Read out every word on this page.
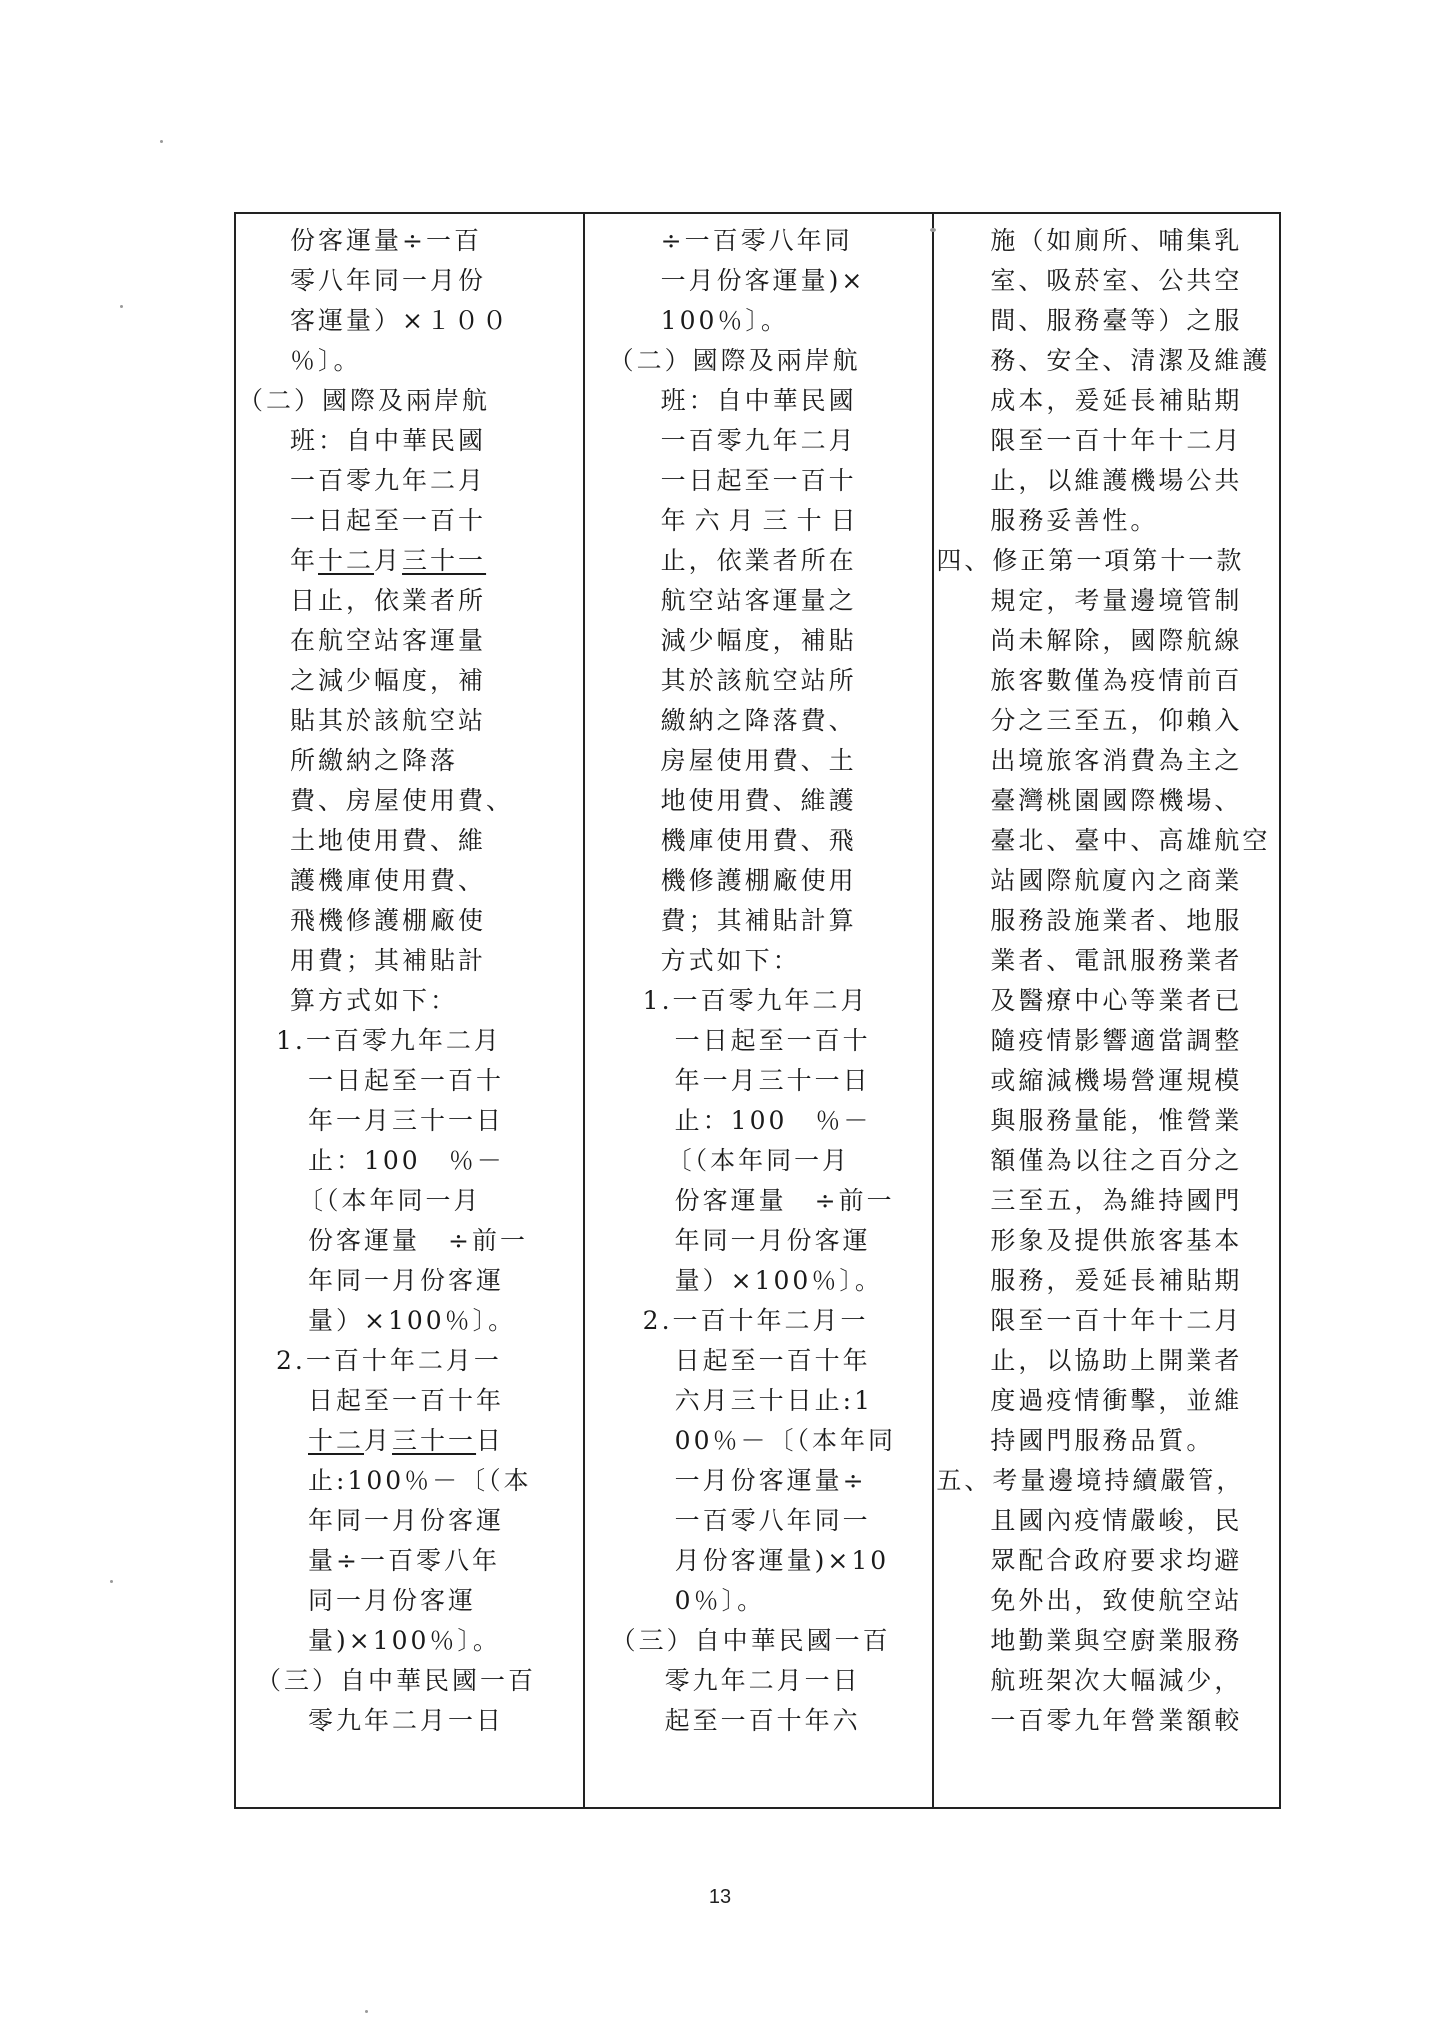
份客運量÷一百
零八年同一月份
客運量）×１００
％〕。
（二）國際及兩岸航
班：自中華民國
一百零九年二月
一日起至一百十
年十二月三十一
日止，依業者所
在航空站客運量
之減少幅度，補
貼其於該航空站
所繳納之降落
費、房屋使用費、
土地使用費、維
護機庫使用費、
飛機修護棚廠使
用費；其補貼計
算方式如下：
1.一百零九年二月
一日起至一百十
年一月三十一日
止：100　％－
〔（本年同一月
份客運量　÷前一
年同一月份客運
量）×100％〕。
2.一百十年二月一
日起至一百十年
十二月三十一日
止:100％－〔（本
年同一月份客運
量÷一百零八年
同一月份客運
量)×100％〕。
（三）自中華民國一百
零九年二月一日
÷一百零八年同
一月份客運量)×
100％〕。
（二）國際及兩岸航
班：自中華民國
一百零九年二月
一日起至一百十
年六月三十日
止，依業者所在
航空站客運量之
減少幅度，補貼
其於該航空站所
繳納之降落費、
房屋使用費、土
地使用費、維護
機庫使用費、飛
機修護棚廠使用
費；其補貼計算
方式如下：
1.一百零九年二月
一日起至一百十
年一月三十一日
止：100　％－
〔（本年同一月
份客運量　÷前一
年同一月份客運
量）×100％〕。
2.一百十年二月一
日起至一百十年
六月三十日止:1
00％－〔（本年同
一月份客運量÷
一百零八年同一
月份客運量)×10
0％〕。
（三）自中華民國一百
零九年二月一日
起至一百十年六
施（如廁所、哺集乳
室、吸菸室、公共空
間、服務臺等）之服
務、安全、清潔及維護
成本，爰延長補貼期
限至一百十年十二月
止，以維護機場公共
服務妥善性。
四、修正第一項第十一款
規定，考量邊境管制
尚未解除，國際航線
旅客數僅為疫情前百
分之三至五，仰賴入
出境旅客消費為主之
臺灣桃園國際機場、
臺北、臺中、高雄航空
站國際航廈內之商業
服務設施業者、地服
業者、電訊服務業者
及醫療中心等業者已
隨疫情影響適當調整
或縮減機場營運規模
與服務量能，惟營業
額僅為以往之百分之
三至五，為維持國門
形象及提供旅客基本
服務，爰延長補貼期
限至一百十年十二月
止，以協助上開業者
度過疫情衝擊，並維
持國門服務品質。
五、考量邊境持續嚴管，
且國內疫情嚴峻，民
眾配合政府要求均避
免外出，致使航空站
地勤業與空廚業服務
航班架次大幅減少，
一百零九年營業額較
13
